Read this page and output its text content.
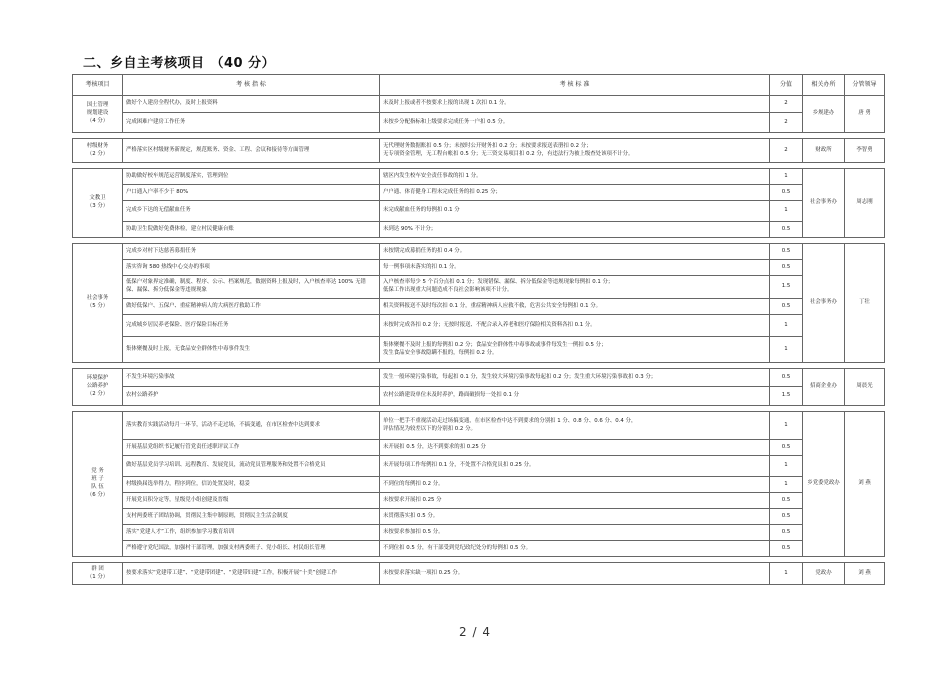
二、乡自主考核项目 （40 分）
考核项目	考 核 指 标	考 核 标 准	分值	相关办所	分管领导
国土管理
规划建设
（4 分）	做好个人建房全程代办，及时上报资料	未及时上报或者不按要求上报的出现 1 次扣 0.1 分。	2	乡规建办	唐 勇
	完成困难户建房工作任务	未按乡分配指标和上级要求完成任务一户扣 0.5 分。	2		

村级财务
（2 分）	严格落实区村级财务新规定，规范账务、资金、工程、会议和接待等方面管理	无代理财务数据账扣 0.5 分；未按时公开财务扣 0.2 分；未按要求报送表册扣 0.2 分；
无专项资金管理，无工程台帐扣 0.5 分；无三资交易项目扣 0.2 分，有违法行为被上级查处该项不计分。	2	财政所	李智勇

文教卫
（3 分）	协助做好校车规范运营制度落实，管理到位	辖区内发生校车安全责任事故的扣 1 分。	1	社会事务办	周志刚
	户口通入户率不少于 80%	户户通、体育健身工程未完成任务的扣 0.25 分；	0.5		
	完成乡下达的无偿献血任务	未完成献血任务的每例扣 0.1 分	1		
	协助卫生院做好免费体检，建立村民健康台账	未到达 90% 不计分；	0.5		

社会事务
（5 分）	完成乡对村下达慈善募捐任务	未按期完成募捐任务的扣 0.4 分。	0.5	社会事务办	丁壮
	落实咨询 580 热线中心交办的事项	每一例事项未落实的扣 0.1 分。	0.5		
	低保户对象界定准确，制度、程序、公示、档案规范，数据资料上报及时，入户核查率达 100% 无错保、漏保、拆分低保金等违规现象	入户核查率每少 5 个百分点扣 0.1 分；发现错保、漏保、拆分低保金等违规现象每例扣 0.1 分；
低保工作出现重大问题造成不良社会影响该项不计分。	1.5		
	做好低保户、五保户、重症精神病人的大病医疗救助工作	相关资料报送不及时每次扣 0.1 分，重症精神病人应救不救，危害公共安全每例扣 0.1 分。	0.5		
	完成城乡居民养老保险、医疗保险目标任务	未按时完成各扣 0.2 分；无按时报送、不配合录入养老和医疗保险相关资料各扣 0.1 分。	1		
	集体聚餐及时上报，无食品安全群体性中毒事件发生	集体聚餐不及时上报的每例扣 0.2 分；食品安全群体性中毒事故或事件每发生一例扣 0.5 分；
发生食品安全事故隐瞒不报的，每例扣 0.2 分。	1		

环境保护
公路养护
（2 分）	不发生环境污染事故	发生一般环境污染事故，每起扣 0.1 分，发生较大环境污染事故每起扣 0.2 分；发生重大环境污染事故扣 0.3 分；	0.5	招商企业办	周晨光
	农村公路养护	农村公路建设单位未及时养护，路面破损每一处扣 0.1 分	1.5		

党 务
班 子
队 伍
（6 分）	落实教育实践活动每月一环节，活动不走过场，不搞变通，在市区检查中达到要求	单位一把手不重视活动走过场搞变通，在市区检查中达不到要求的分别扣 1 分、0.8 分、0.6 分、0.4 分，
评估情况为较差以下的分别扣 0.2 分。	1	乡党委党政办	刘 燕
	开展基层党组织书记履行管党责任述职评议工作	未开展扣 0.5 分，达不到要求的扣 0.25 分	0.5		
	做好基层党员学习培训、远程教育、发展党员，流动党员管理服务和处置不合格党员	未开展每项工作每例扣 0.1 分，不处置不合格党员扣 0.25 分。	1		
	村级换届选举得力，程序到位，信访处置及时，稳妥	不到位的每例扣 0.2 分。	1		
	开展党员积分定等，星级党小组创建及晋级	未按要求开展扣 0.25 分	0.5		
	支村两委班子团结协调，贯彻民主集中制原则，贯彻民主生活会制度	未贯彻落实扣 0.5 分。	0.5		
	落实“党建人才”工作，组织参加学习教育培训	未按要求参加扣 0.5 分。	0.5		
	严格遵守党纪国法，加强村干部管理，加强支村两委班子、党小组长、村民组长管理	不到位扣 0.5 分，有干部受到党纪政纪处分的每例扣 0.5 分。	0.5		

群 团
（1 分）	按要求落实“党建带工建”、“党建带团建”、“党建带妇建”工作，积极开展“十美”创建工作	未按要求落实缺一项扣 0.25 分。	1	党政办	刘 燕
2 / 4
